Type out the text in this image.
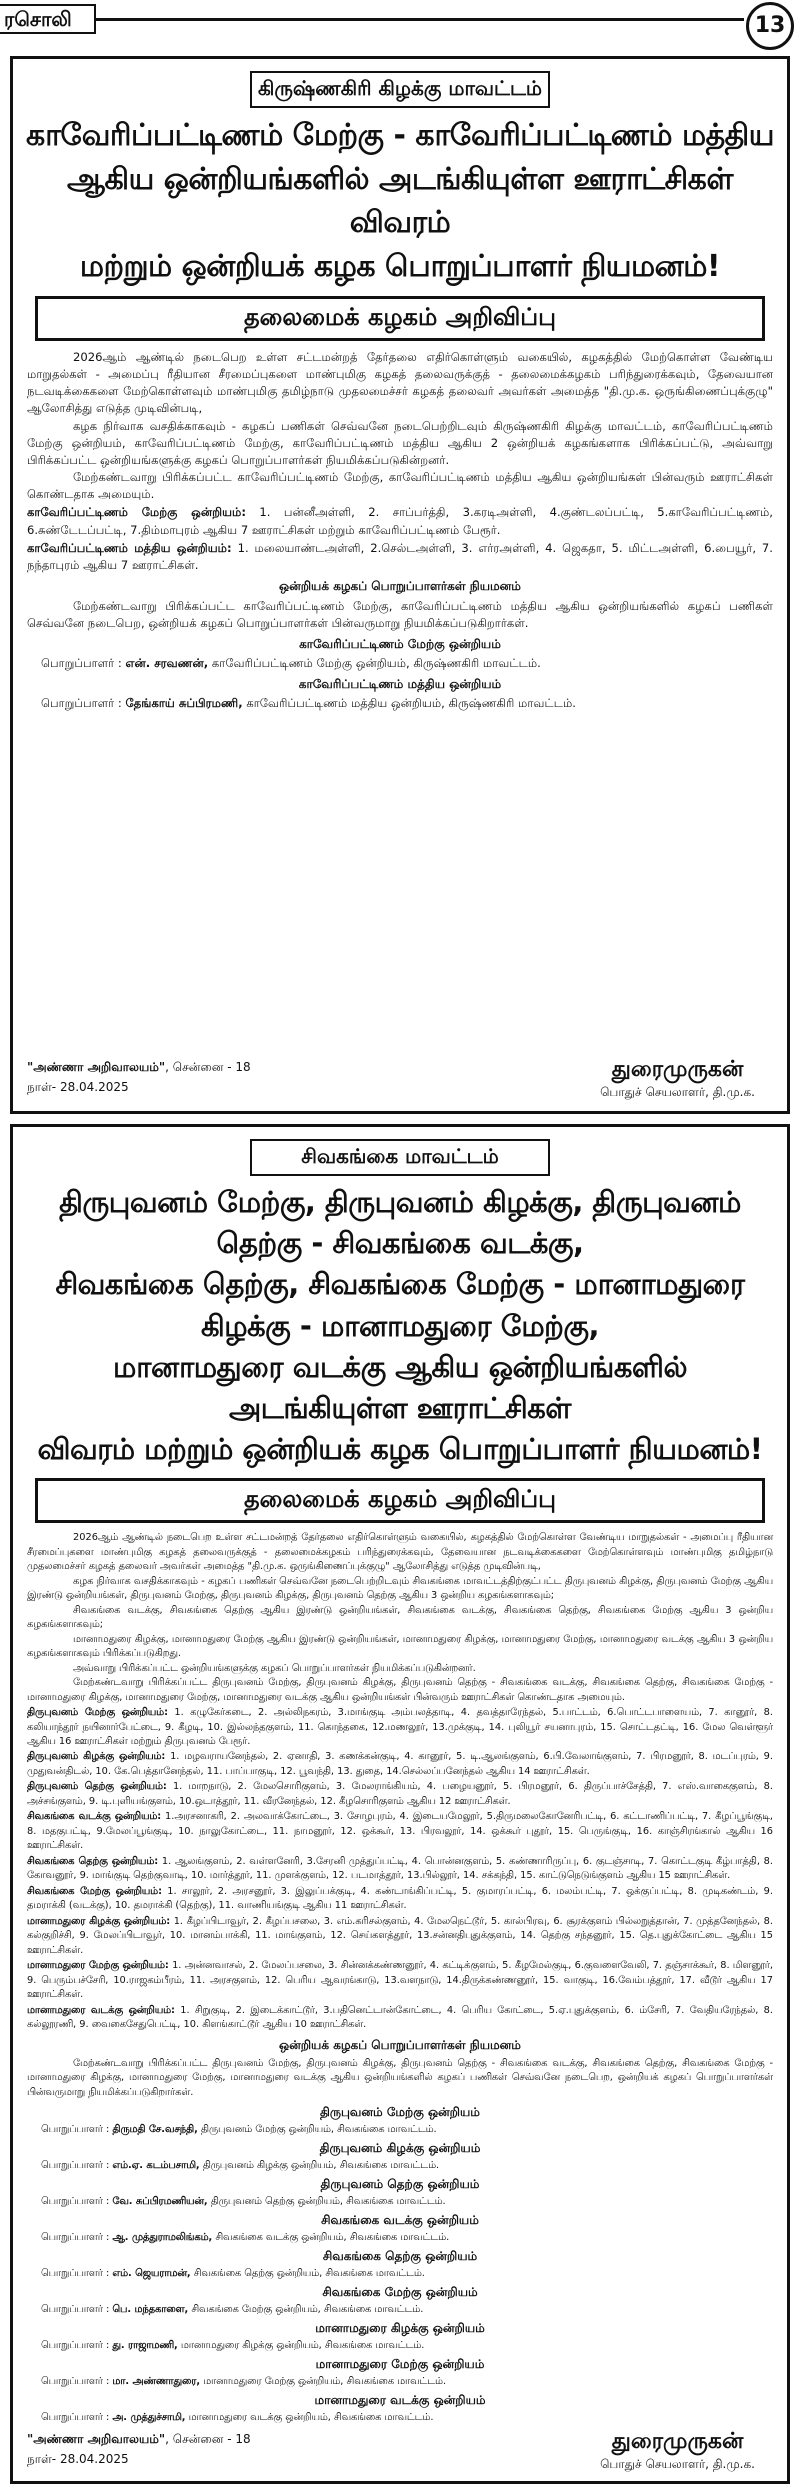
ரசொலி	13
கிருஷ்ணகிரி கிழக்கு மாவட்டம்
காவேரிப்பட்டிணம் மேற்கு - காவேரிப்பட்டிணம் மத்திய
ஆகிய ஒன்றியங்களில் அடங்கியுள்ள ஊராட்சிகள் விவரம்
மற்றும் ஒன்றியக் கழக பொறுப்பாளர் நியமனம்!
தலைமைக் கழகம் அறிவிப்பு

2026ஆம் ஆண்டில் நடைபெற உள்ள சட்டமன்றத் தேர்தலை எதிர்கொள்ளும் வகையில், கழகத்தில் மேற்கொள்ள வேண்டிய மாறுதல்கள் - அமைப்பு ரீதியான சீரமைப்புகளை மாண்புமிகு கழகத் தலைவருக்குத் - தலைமைக்கழகம் பரிந்துரைக்கவும், தேவையான நடவடிக்கைகளை மேற்கொள்ளவும் மாண்புமிகு தமிழ்நாடு முதலமைச்சர் கழகத் தலைவர் அவர்கள் அமைத்த "தி.மு.க. ஒருங்கிணைப்புக்குழு" ஆலோசித்து எடுத்த முடிவின்படி,

கழக நிர்வாக வசதிக்காகவும் - கழகப் பணிகள் செவ்வனே நடைபெற்றிடவும் கிருஷ்ணகிரி கிழக்கு மாவட்டம், காவேரிப்பட்டிணம் மேற்கு ஒன்றியம், காவேரிப்பட்டிணம் மேற்கு, காவேரிப்பட்டிணம் மத்திய ஆகிய 2 ஒன்றியக் கழகங்களாக பிரிக்கப்பட்டு, அவ்வாறு பிரிக்கப்பட்ட ஒன்றியங்களுக்கு கழகப் பொறுப்பாளர்கள் நியமிக்கப்படுகின்றனர்.

மேற்கண்டவாறு பிரிக்கப்பட்ட காவேரிப்பட்டிணம் மேற்கு, காவேரிப்பட்டிணம் மத்திய ஆகிய ஒன்றியங்கள் பின்வரும் ஊராட்சிகள் கொண்டதாக அமையும்.

காவேரிப்பட்டிணம் மேற்கு ஒன்றியம்: 1. பன்னீஅள்ளி, 2. சாப்பர்த்தி, 3.கரடிஅள்ளி, 4.குண்டலப்பட்டி, 5.காவேரிப்பட்டிணம், 6.சுண்டேடப்பட்டி, 7.திம்மாபுரம் ஆகிய 7 ஊராட்சிகள் மற்றும் காவேரிப்பட்டிணம் பேரூர்.

காவேரிப்பட்டிணம் மத்திய ஒன்றியம்: 1. மலையாண்டஅள்ளி, 2.செல்டஅள்ளி, 3. எர்ரஅள்ளி, 4. ஜெகதா, 5. மிட்டஅள்ளி, 6.பையூர், 7. நந்தாபுரம் ஆகிய 7 ஊராட்சிகள்.

ஒன்றியக் கழகப் பொறுப்பாளர்கள் நியமனம்

மேற்கண்டவாறு பிரிக்கப்பட்ட காவேரிப்பட்டிணம் மேற்கு, காவேரிப்பட்டிணம் மத்திய ஆகிய ஒன்றியங்களில் கழகப் பணிகள் செவ்வனே நடைபெற, ஒன்றியக் கழகப் பொறுப்பாளர்கள் பின்வருமாறு நியமிக்கப்படுகிறார்கள்.

காவேரிப்பட்டிணம் மேற்கு ஒன்றியம்

பொறுப்பாளர் : என். சரவணன், காவேரிப்பட்டிணம் மேற்கு ஒன்றியம், கிருஷ்ணகிரி மாவட்டம்.

காவேரிப்பட்டிணம் மத்திய ஒன்றியம்

பொறுப்பாளர் : தேங்காய் சுப்பிரமணி, காவேரிப்பட்டிணம் மத்திய ஒன்றியம், கிருஷ்ணகிரி மாவட்டம்.

"அண்ணா அறிவாலயம்", சென்னை - 18
நாள்- 28.04.2025
துரைமுருகன்
பொதுச் செயலாளர், தி.மு.க.
சிவகங்கை மாவட்டம்
திருபுவனம் மேற்கு, திருபுவனம் கிழக்கு, திருபுவனம் தெற்கு - சிவகங்கை வடக்கு,
சிவகங்கை தெற்கு, சிவகங்கை மேற்கு - மானாமதுரை கிழக்கு - மானாமதுரை மேற்கு,
மானாமதுரை வடக்கு ஆகிய ஒன்றியங்களில் அடங்கியுள்ள ஊராட்சிகள்
விவரம் மற்றும் ஒன்றியக் கழக பொறுப்பாளர் நியமனம்!
தலைமைக் கழகம் அறிவிப்பு

2026ஆம் ஆண்டில் நடைபெற உள்ள சட்டமன்றத் தேர்தலை எதிர்கொள்ளும் வகையில், கழகத்தில் மேற்கொள்ள வேண்டிய மாறுதல்கள் - அமைப்பு ரீதியான சீரமைப்புகளை மாண்புமிகு கழகத் தலைவருக்குத் - தலைமைக்கழகம் பரிந்துரைக்கவும், தேவையான நடவடிக்கைகளை மேற்கொள்ளவும் மாண்புமிகு தமிழ்நாடு முதலமைச்சர் கழகத் தலைவர் அவர்கள் அமைத்த "தி.மு.க. ஒருங்கிணைப்புக்குழு" ஆலோசித்து எடுத்த முடிவின்படி,

கழக நிர்வாக வசதிக்காகவும் - கழகப் பணிகள் செவ்வனே நடைபெற்றிடவும் சிவகங்கை மாவட்டத்திற்குட்பட்ட திருபுவனம் கிழக்கு, திருபுவனம் மேற்கு ஆகிய இரண்டு ஒன்றியங்கள், திருபுவனம் மேற்கு, திருபுவனம் கிழக்கு, திருபுவனம் தெற்கு ஆகிய 3 ஒன்றிய கழகங்களாகவும்;

சிவகங்கை வடக்கு, சிவகங்கை தெற்கு ஆகிய இரண்டு ஒன்றியங்கள், சிவகங்கை வடக்கு, சிவகங்கை தெற்கு, சிவகங்கை மேற்கு ஆகிய 3 ஒன்றிய கழகங்களாகவும்;

மானாமதுரை கிழக்கு, மானாமதுரை மேற்கு ஆகிய இரண்டு ஒன்றியங்கள், மானாமதுரை கிழக்கு, மானாமதுரை மேற்கு, மானாமதுரை வடக்கு ஆகிய 3 ஒன்றிய கழகங்களாகவும் பிரிக்கப்படுகிறது.

அவ்வாறு பிரிக்கப்பட்ட ஒன்றியங்களுக்கு கழகப் பொறுப்பாளர்கள் நியமிக்கப்படுகின்றனர்.

மேற்கண்டவாறு பிரிக்கப்பட்ட திருபுவனம் மேற்கு, திருபுவனம் கிழக்கு, திருபுவனம் தெற்கு - சிவகங்கை வடக்கு, சிவகங்கை தெற்கு, சிவகங்கை மேற்கு - மானாமதுரை கிழக்கு, மானாமதுரை மேற்கு, மானாமதுரை வடக்கு ஆகிய ஒன்றியங்கள் பின்வரும் ஊராட்சிகள் கொண்டதாக அமையும்.

திருபுவனம் மேற்கு ஒன்றியம்: 1. கழுகேர்கடை, 2. அல்லிநகரம், 3.மாங்குடி அம்பலத்தாடி, 4. தவத்தாரேந்தல், 5.பாட்டம், 6.பொட்டபாளையம், 7. கானூர், 8. கலியாந்தூர் நயினார்பேட்டை, 9. கீழடி, 10. இல்லந்தகுளம், 11. கொந்தகை, 12.மணலூர், 13.முக்குடி, 14. புலியூர் சயனாபுரம், 15. சொட்டதட்டி, 16. மேல வெள்ளூர் ஆகிய 16 ஊராட்சிகள் மற்றும் திருபுவனம் பேரூர்.

திருபுவனம் கிழக்கு ஒன்றியம்: 1. மழவராயனேந்தல், 2. ஏனாதி, 3. கணக்கன்குடி, 4. கானூர், 5. டி.ஆலங்குளம், 6.பி.வேலாங்குளம், 7. பிரமனூர், 8. மடப்புரம், 9. முதுவன்திடல், 10. கே.பெத்தானேந்தல், 11. பாப்பாகுடி, 12. பூவந்தி, 13. துதை, 14.செல்லப்பனேந்தல் ஆகிய 14 ஊராட்சிகள்.

திருபுவனம் தெற்கு ஒன்றியம்: 1. மாறநாடு, 2. மேலசொரிகுளம், 3. மேலராங்கியம், 4. பழையனூர், 5. பிரமனூர், 6. திருப்பாச்சேத்தி, 7. எஸ்.வாகைகுளம், 8. அச்சங்குளம், 9. டி.புளியங்குளம், 10.ஒடாத்தூர், 11. வீரனேந்தல், 12. கீழசொரிகுளம் ஆகிய 12 ஊராட்சிகள்.

சிவகங்கை வடக்கு ஒன்றியம்: 1.அரசனாகரி, 2. அலவாக்கோட்டை, 3. சோழபுரம், 4. இடையமேலூர், 5.திருமலைகோனேரிபட்டி, 6. கட்டாணிப்பட்டி, 7. கீழப்பூங்குடி, 8. மதகுபட்டி, 9.மேலப்பூங்குடி, 10. நாலுகோட்டை, 11. நாமனூர், 12. ஒக்கூர், 13. பிரவலூர், 14. ஒக்கூர் புதூர், 15. பெருங்குடி, 16. காஞ்சிரங்கால் ஆகிய 16 ஊராட்சிகள்.

சிவகங்கை தெற்கு ஒன்றியம்: 1. ஆலங்குளம், 2. வள்ளனேரி, 3.சேரனி முத்துப்பட்டி, 4. பொன்னகுளம், 5. கண்ணாரிருப்பு, 6. குடஞ்சாடி, 7. கொட்டகுடி கீழ்பாத்தி, 8. கோவனூர், 9. மாங்குடி தெற்குவாடி, 10. மார்த்தூர், 11. முளக்குளம், 12. படமாத்தூர், 13.பில்லூர், 14. சக்கந்தி, 15. காட்டுநெடுங்குளம் ஆகிய 15 ஊராட்சிகள்.

சிவகங்கை மேற்கு ஒன்றியம்: 1. சாலூர், 2. அரசனூர், 3. இலுப்பக்குடி, 4. கண்டாங்கிப்பட்டி, 5. குமாரப்பட்டி, 6. மலம்பட்டி, 7. ஒக்குப்பட்டி, 8. முடிகண்டம், 9. தமராக்கி (வடக்கு), 10. தமராக்கி (தெற்கு), 11. வாணியங்குடி ஆகிய 11 ஊராட்சிகள்.

மானாமதுரை கிழக்கு ஒன்றியம்: 1. கீழப்பிடாவூர், 2. கீழப்பசலை, 3. எம்.கரிசல்குளம், 4. மேலநெட்டூர், 5. கால்பிரவு, 6. சூரக்குளம் பில்லறுத்தான், 7. முத்தனேந்தல், 8. கல்குறிச்சி, 9. மேலப்பிடாவூர், 10. மானம்பாக்கி, 11. மாங்குளம், 12. செய்களத்தூர், 13.சன்னதிபுதுக்குளம், 14. தெற்கு சந்தனூர், 15. தெ.புதுக்கோட்டை ஆகிய 15 ஊராட்சிகள்.

மானாமதுரை மேற்கு ஒன்றியம்: 1. அன்னவாசல், 2. மேலப்பசலை, 3. சின்னக்கண்ணனூர், 4. கட்டிக்குளம், 5. கீழமேல்குடி, 6.குவளைவேலி, 7. தஞ்சாக்கூர், 8. மிளனூர், 9. பெரும்பச்சேரி, 10.ராஜகம்பீரம், 11. அரசகுளம், 12. பெரிய ஆவரங்காடு, 13.வளநாடு, 14.திருக்கண்ணனூர், 15. வாகுடி, 16.வேம்பத்தூர், 17. வீடூர் ஆகிய 17 ஊராட்சிகள்.

மானாமதுரை வடக்கு ஒன்றியம்: 1. சிறுகுடி, 2. இடைக்காட்டூர், 3.பதினெட்டான்கோட்டை, 4. பெரிய கோட்டை, 5.ஏ.புதுக்குளம், 6. ம்சேரி, 7. வேதியரேந்தல், 8. கல்லூரணி, 9. வைகைசேதுபெட்டி, 10. கிளங்காட்டூர் ஆகிய 10 ஊராட்சிகள்.

ஒன்றியக் கழகப் பொறுப்பாளர்கள் நியமனம்

மேற்கண்டவாறு பிரிக்கப்பட்ட திருபுவனம் மேற்கு, திருபுவனம் கிழக்கு, திருபுவனம் தெற்கு - சிவகங்கை வடக்கு, சிவகங்கை தெற்கு, சிவகங்கை மேற்கு - மானாமதுரை கிழக்கு, மானாமதுரை மேற்கு, மானாமதுரை வடக்கு ஆகிய ஒன்றியங்களில் கழகப் பணிகள் செவ்வனே நடைபெற, ஒன்றியக் கழகப் பொறுப்பாளர்கள் பின்வருமாறு நியமிக்கப்படுகிறார்கள்.

திருபுவனம் மேற்கு ஒன்றியம்

பொறுப்பாளர் : திருமதி சே.வசந்தி, திருபுவனம் மேற்கு ஒன்றியம், சிவகங்கை மாவட்டம்.

திருபுவனம் கிழக்கு ஒன்றியம்

பொறுப்பாளர் : எம்.ஏ. கடம்பசாமி, திருபுவனம் கிழக்கு ஒன்றியம், சிவகங்கை மாவட்டம்.

திருபுவனம் தெற்கு ஒன்றியம்

பொறுப்பாளர் : வே. சுப்பிரமணியன், திருபுவனம் தெற்கு ஒன்றியம், சிவகங்கை மாவட்டம்.

சிவகங்கை வடக்கு ஒன்றியம்

பொறுப்பாளர் : ஆ. முத்துராமலிங்கம், சிவகங்கை வடக்கு ஒன்றியம், சிவகங்கை மாவட்டம்.

சிவகங்கை தெற்கு ஒன்றியம்

பொறுப்பாளர் : எம். ஜெயராமன், சிவகங்கை தெற்கு ஒன்றியம், சிவகங்கை மாவட்டம்.

சிவகங்கை மேற்கு ஒன்றியம்

பொறுப்பாளர் : பெ. மந்தகாளை, சிவகங்கை மேற்கு ஒன்றியம், சிவகங்கை மாவட்டம்.

மானாமதுரை கிழக்கு ஒன்றியம்

பொறுப்பாளர் : து. ராஜாமணி, மானாமதுரை கிழக்கு ஒன்றியம், சிவகங்கை மாவட்டம்.

மானாமதுரை மேற்கு ஒன்றியம்

பொறுப்பாளர் : மா. அண்ணாதுரை, மானாமதுரை மேற்கு ஒன்றியம், சிவகங்கை மாவட்டம்.

மானாமதுரை வடக்கு ஒன்றியம்

பொறுப்பாளர் : அ. முத்துச்சாமி, மானாமதுரை வடக்கு ஒன்றியம், சிவகங்கை மாவட்டம்.

"அண்ணா அறிவாலயம்", சென்னை - 18
நாள்- 28.04.2025
துரைமுருகன்
பொதுச் செயலாளர், தி.மு.க.
